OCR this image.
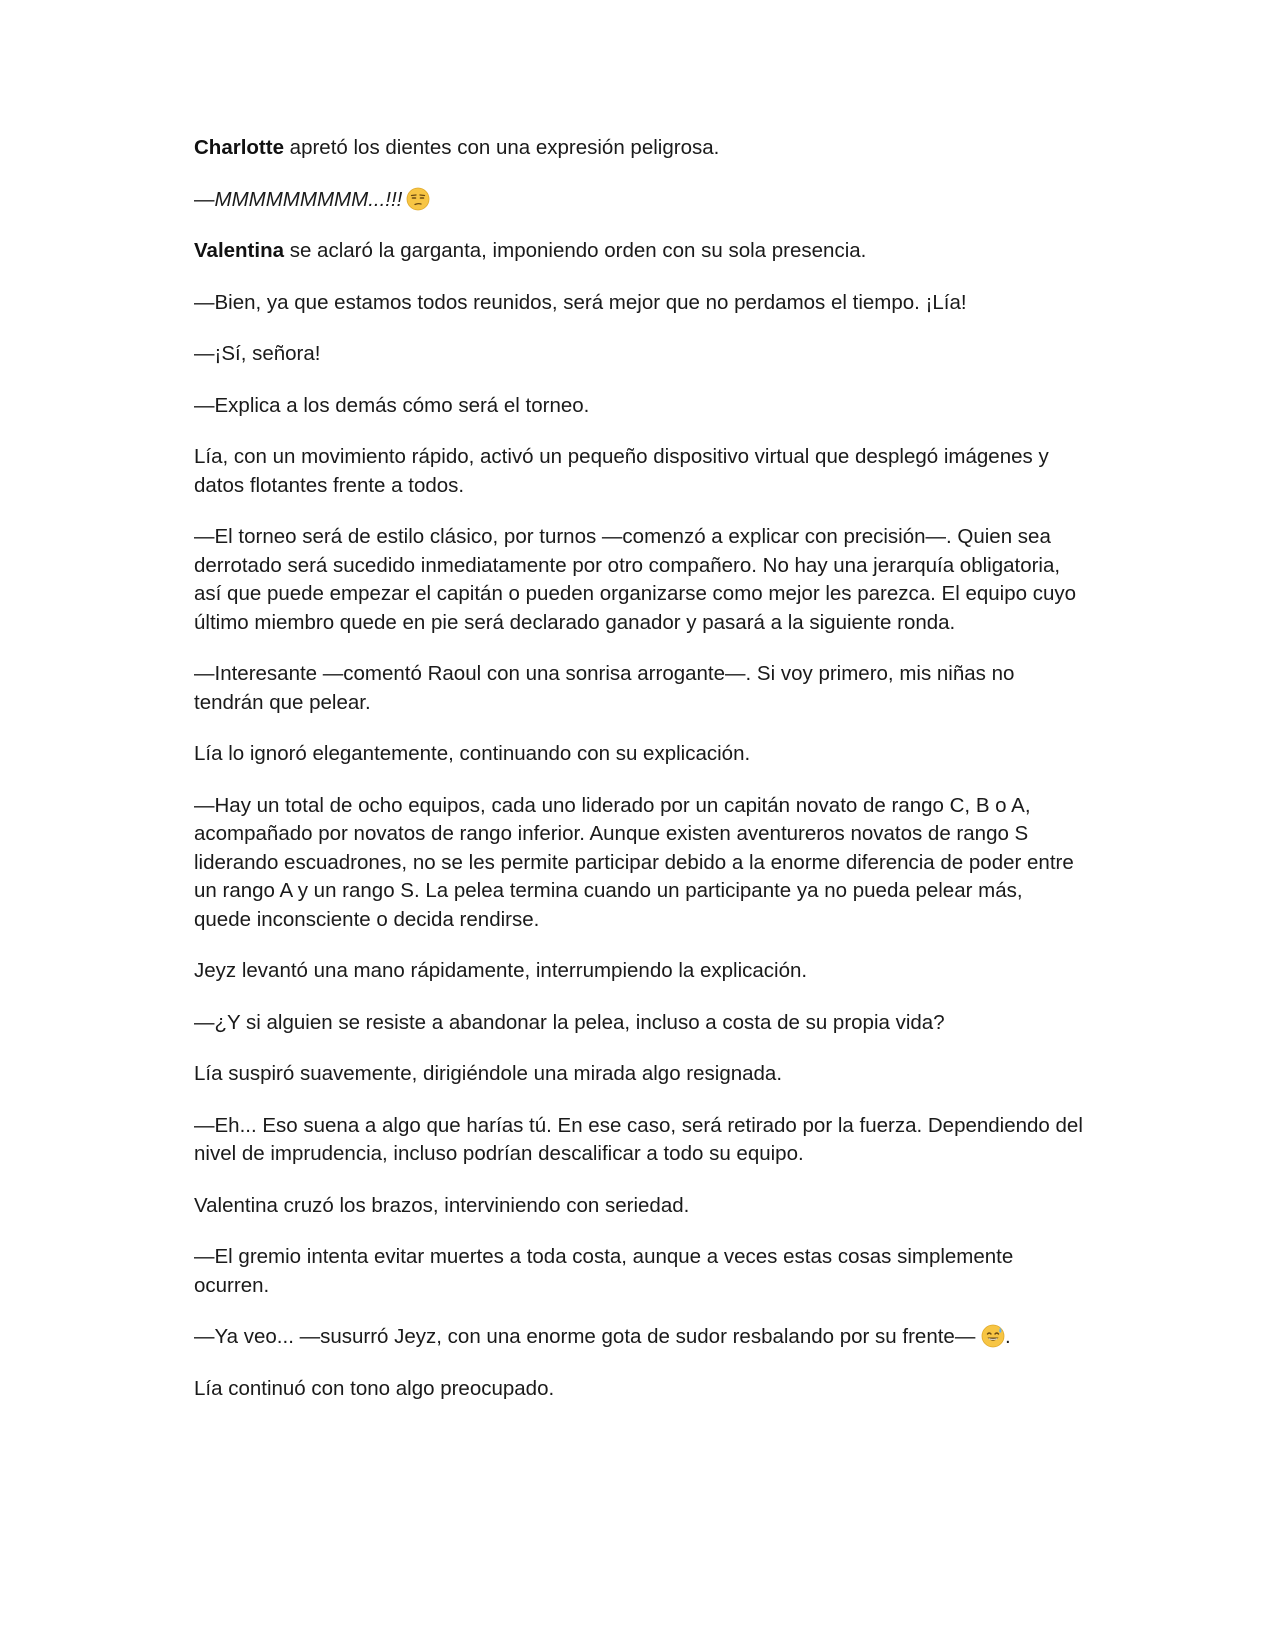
Charlotte apretó los dientes con una expresión peligrosa.

—MMMMMMMMM...!!!

Valentina se aclaró la garganta, imponiendo orden con su sola presencia.

—Bien, ya que estamos todos reunidos, será mejor que no perdamos el tiempo. ¡Lía!

—¡Sí, señora!

—Explica a los demás cómo será el torneo.

Lía, con un movimiento rápido, activó un pequeño dispositivo virtual que desplegó imágenes y datos flotantes frente a todos.

—El torneo será de estilo clásico, por turnos —comenzó a explicar con precisión—. Quien sea derrotado será sucedido inmediatamente por otro compañero. No hay una jerarquía obligatoria, así que puede empezar el capitán o pueden organizarse como mejor les parezca. El equipo cuyo último miembro quede en pie será declarado ganador y pasará a la siguiente ronda.

—Interesante —comentó Raoul con una sonrisa arrogante—. Si voy primero, mis niñas no tendrán que pelear.

Lía lo ignoró elegantemente, continuando con su explicación.

—Hay un total de ocho equipos, cada uno liderado por un capitán novato de rango C, B o A, acompañado por novatos de rango inferior. Aunque existen aventureros novatos de rango S liderando escuadrones, no se les permite participar debido a la enorme diferencia de poder entre un rango A y un rango S. La pelea termina cuando un participante ya no pueda pelear más, quede inconsciente o decida rendirse.

Jeyz levantó una mano rápidamente, interrumpiendo la explicación.

—¿Y si alguien se resiste a abandonar la pelea, incluso a costa de su propia vida?

Lía suspiró suavemente, dirigiéndole una mirada algo resignada.

—Eh... Eso suena a algo que harías tú. En ese caso, será retirado por la fuerza. Dependiendo del nivel de imprudencia, incluso podrían descalificar a todo su equipo.

Valentina cruzó los brazos, interviniendo con seriedad.

—El gremio intenta evitar muertes a toda costa, aunque a veces estas cosas simplemente ocurren.

—Ya veo... —susurró Jeyz, con una enorme gota de sudor resbalando por su frente— .

Lía continuó con tono algo preocupado.
